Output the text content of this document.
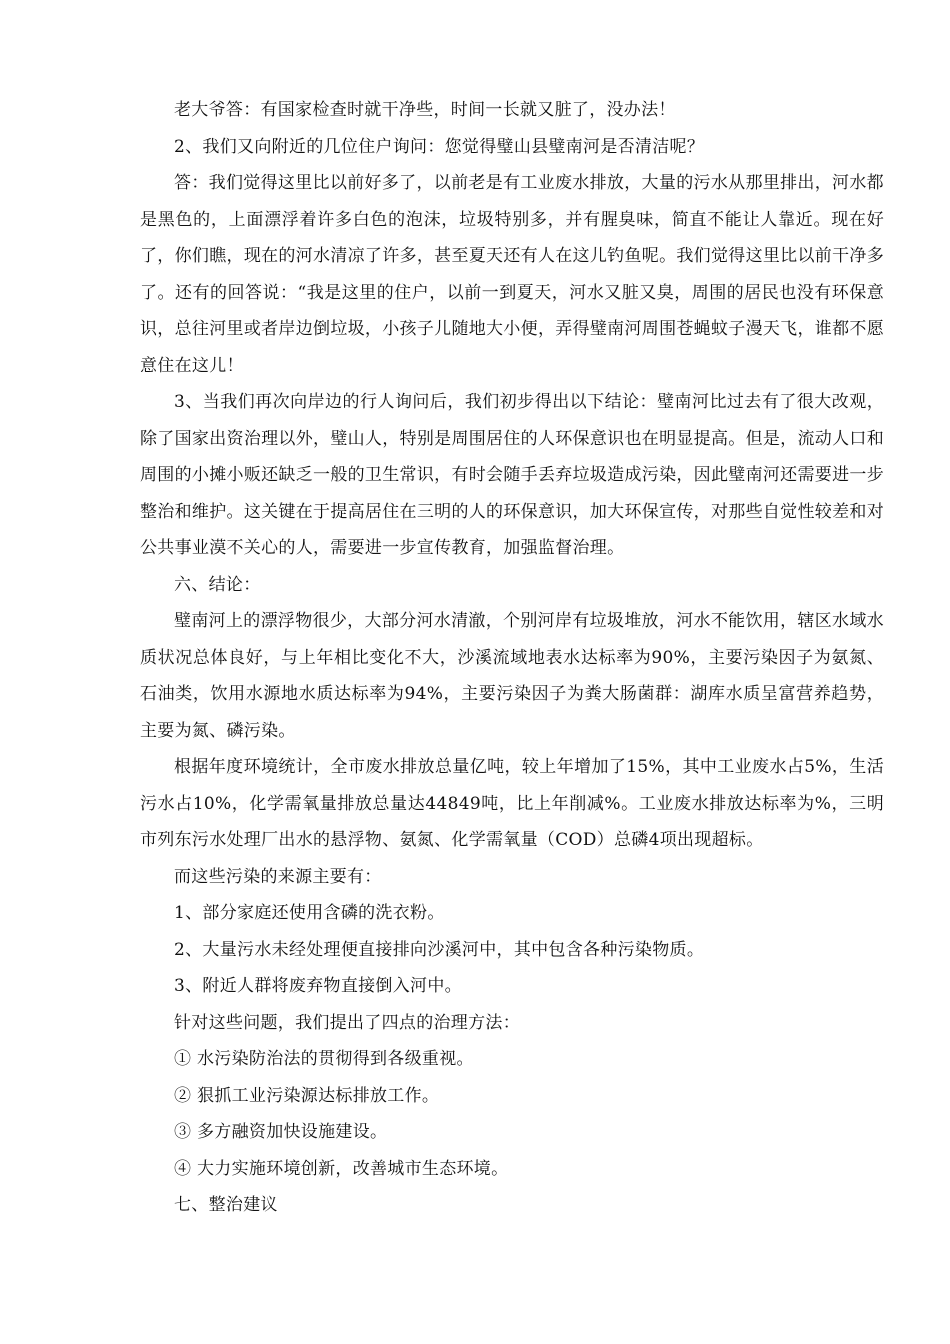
老大爷答：有国家检查时就干净些，时间一长就又脏了，没办法！

2、我们又向附近的几位住户询问：您觉得璧山县璧南河是否清洁呢？

答：我们觉得这里比以前好多了，以前老是有工业废水排放，大量的污水从那里排出，河水都是黑色的，上面漂浮着许多白色的泡沫，垃圾特别多，并有腥臭味，简直不能让人靠近。现在好了，你们瞧，现在的河水清凉了许多，甚至夏天还有人在这儿钓鱼呢。我们觉得这里比以前干净多了。还有的回答说：“我是这里的住户，以前一到夏天，河水又脏又臭，周围的居民也没有环保意识，总往河里或者岸边倒垃圾，小孩子儿随地大小便，弄得璧南河周围苍蝇蚊子漫天飞，谁都不愿意住在这儿！

3、当我们再次向岸边的行人询问后，我们初步得出以下结论：璧南河比过去有了很大改观，除了国家出资治理以外，璧山人，特别是周围居住的人环保意识也在明显提高。但是，流动人口和周围的小摊小贩还缺乏一般的卫生常识，有时会随手丢弃垃圾造成污染，因此璧南河还需要进一步整治和维护。这关键在于提高居住在三明的人的环保意识，加大环保宣传，对那些自觉性较差和对公共事业漠不关心的人，需要进一步宣传教育，加强监督治理。

六、结论：

璧南河上的漂浮物很少，大部分河水清澈，个别河岸有垃圾堆放，河水不能饮用，辖区水域水质状况总体良好，与上年相比变化不大，沙溪流域地表水达标率为90%，主要污染因子为氨氮、石油类，饮用水源地水质达标率为94%，主要污染因子为粪大肠菌群：湖库水质呈富营养趋势，主要为氮、磷污染。

根据年度环境统计，全市废水排放总量亿吨，较上年增加了15%，其中工业废水占5%，生活污水占10%，化学需氧量排放总量达44849吨，比上年削减%。工业废水排放达标率为%，三明市列东污水处理厂出水的悬浮物、氨氮、化学需氧量（COD）总磷4项出现超标。

而这些污染的来源主要有：

1、部分家庭还使用含磷的洗衣粉。

2、大量污水未经处理便直接排向沙溪河中，其中包含各种污染物质。

3、附近人群将废弃物直接倒入河中。

针对这些问题，我们提出了四点的治理方法：

① 水污染防治法的贯彻得到各级重视。

② 狠抓工业污染源达标排放工作。

③ 多方融资加快设施建设。

④ 大力实施环境创新，改善城市生态环境。

七、整治建议
